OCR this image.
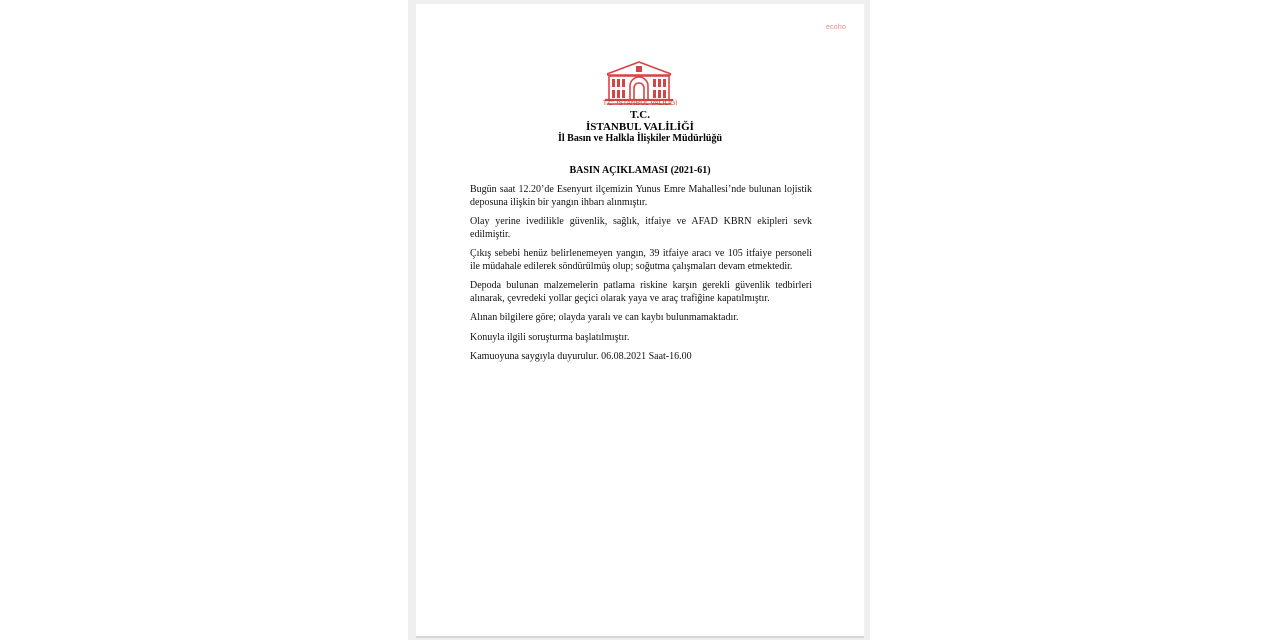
ecoho
T.C. İSTANBUL VALİLİĞİ
T.C.
İSTANBUL VALİLİĞİ
İl Basın ve Halkla İlişkiler Müdürlüğü
BASIN AÇIKLAMASI (2021-61)

Bugün saat 12.20’de Esenyurt ilçemizin Yunus Emre Mahallesi’nde bulunan lojistik deposuna ilişkin bir yangın ihbarı alınmıştır.

Olay yerine ivedilikle güvenlik, sağlık, itfaiye ve AFAD KBRN ekipleri sevk edilmiştir.

Çıkış sebebi henüz belirlenemeyen yangın, 39 itfaiye aracı ve 105 itfaiye personeli ile müdahale edilerek söndürülmüş olup; soğutma çalışmaları devam etmektedir.

Depoda bulunan malzemelerin patlama riskine karşın gerekli güvenlik tedbirleri alınarak, çevredeki yollar geçici olarak yaya ve araç trafiğine kapatılmıştır.

Alınan bilgilere göre; olayda yaralı ve can kaybı bulunmamaktadır.

Konuyla ilgili soruşturma başlatılmıştır.

Kamuoyuna saygıyla duyurulur. 06.08.2021 Saat-16.00
